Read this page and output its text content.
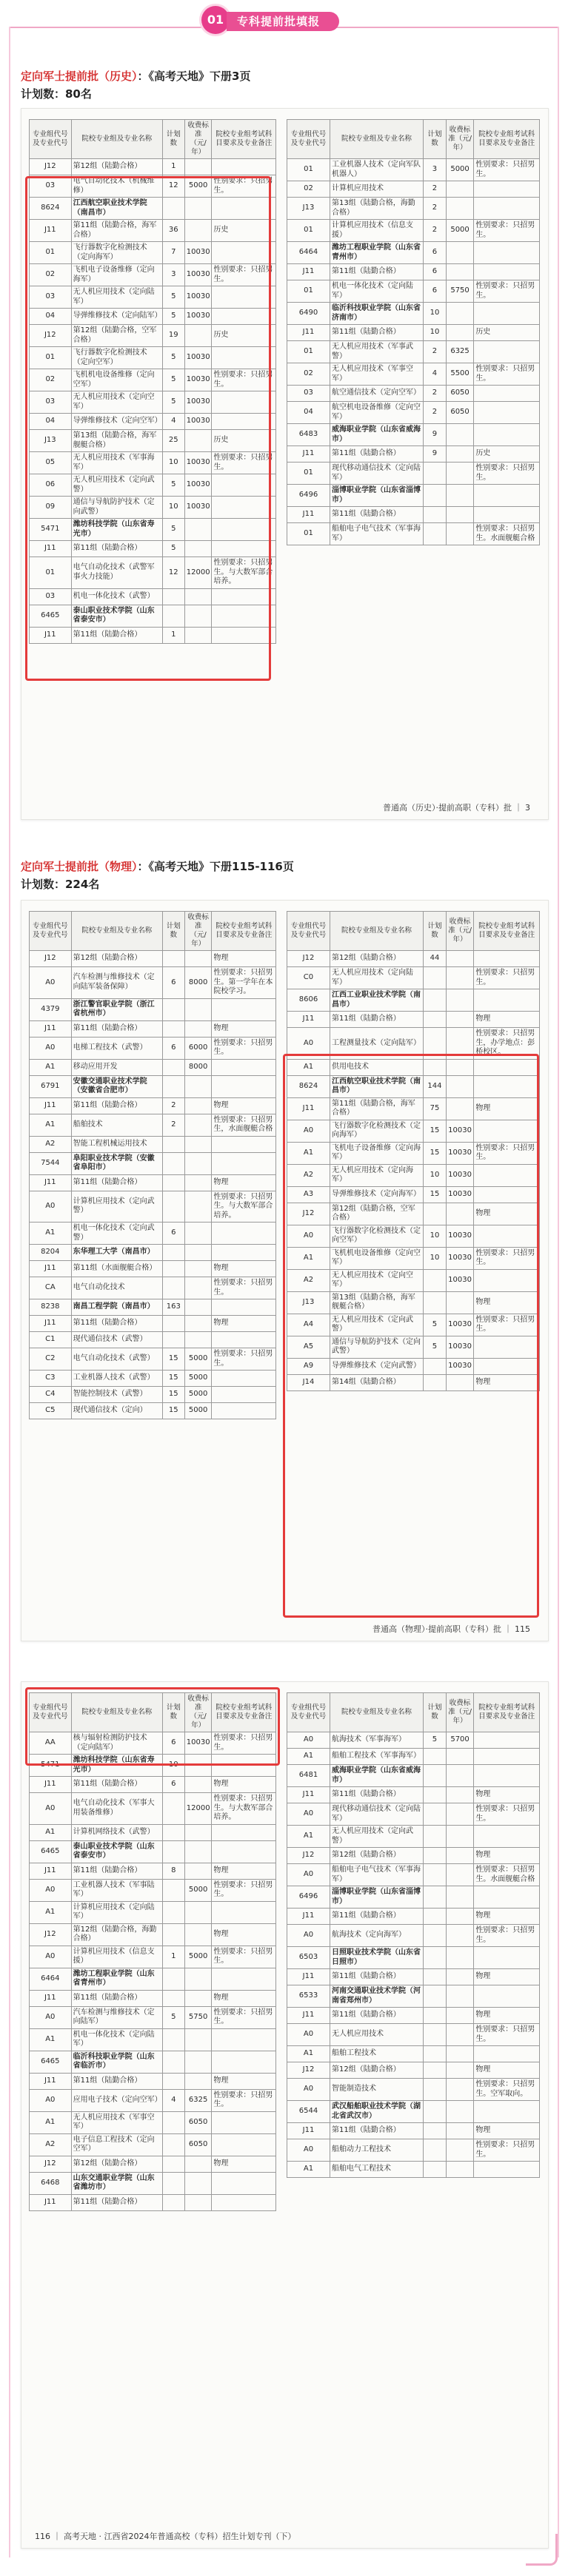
01	专科提前批填报
定向军士提前批（历史）：《高考天地》下册3页
计划数：80名
专业组代号及专业代号	院校专业组及专业名称	计划数	收费标准（元/年）	院校专业组考试科目要求及专业备注
J12	第12组（陆勤合格）	1		
03	电气自动化技术（机械维修）	12	5000	性别要求：只招男生。
8624	江西航空职业技术学院（南昌市）			
J11	第11组（陆勤合格，海军合格）	36		历史
01	飞行器数字化检测技术（定向海军）	7	10030	
02	飞机电子设备维修（定向海军）	3	10030	性别要求：只招男生。
03	无人机应用技术（定向陆军）	5	10030	
04	导弹维修技术（定向陆军）	5	10030	
J12	第12组（陆勤合格，空军合格）	19		历史
01	飞行器数字化检测技术（定向空军）	5	10030	
02	飞机机电设备维修（定向空军）	5	10030	性别要求：只招男生。
03	无人机应用技术（定向空军）	5	10030	
04	导弹维修技术（定向空军）	4	10030	
J13	第13组（陆勤合格，海军舰艇合格）	25		历史
05	无人机应用技术（军事海军）	10	10030	性别要求：只招男生。
06	无人机应用技术（定向武警）	5	10030	
09	通信与导航防护技术（定向武警）	10	10030	
5471	潍坊科技学院（山东省寿光市）	5		
J11	第11组（陆勤合格）	5		
01	电气自动化技术（武警军事火力技能）	12	12000	性别要求：只招男生。与大数军部合培养。
03	机电一体化技术（武警）			
6465	泰山职业技术学院（山东省泰安市）			
J11	第11组（陆勤合格）	1		
专业组代号及专业代号	院校专业组及专业名称	计划数	收费标准（元/年）	院校专业组考试科目要求及专业备注
01	工业机器人技术（定向军队机器人）	3	5000	性别要求：只招男生。
02	计算机应用技术	2		
J13	第13组（陆勤合格，海勤合格）	2		
01	计算机应用技术（信息支援）	2	5000	性别要求：只招男生。
6464	潍坊工程职业学院（山东省青州市）	6		
J11	第11组（陆勤合格）	6		
01	机电一体化技术（定向陆军）	6	5750	性别要求：只招男生。
6490	临沂科技职业学院（山东省济南市）	10		
J11	第11组（陆勤合格）	10		历史
01	无人机应用技术（军事武警）	2	6325	
02	无人机应用技术（军事空军）	4	5500	性别要求：只招男生。
03	航空通信技术（定向空军）	2	6050	
04	航空机电设备维修（定向空军）	2	6050	
6483	威海职业学院（山东省威海市）	9		
J11	第11组（陆勤合格）	9		历史
01	现代移动通信技术（定向陆军）			性别要求：只招男生。
6496	淄博职业学院（山东省淄博市）			
J11	第11组（陆勤合格）			
01	船舶电子电气技术（军事海军）			性别要求：只招男生。水面舰艇合格
普通高（历史）·提前高职（专科）批 ｜ 3
定向军士提前批（物理）：《高考天地》下册115-116页
计划数：224名
专业组代号及专业代号	院校专业组及专业名称	计划数	收费标准（元/年）	院校专业组考试科目要求及专业备注
J12	第12组（陆勤合格）			物理
A0	汽车检测与维修技术（定向陆军装备保障）	6	8000	性别要求：只招男生。第一学年在本院校学习。
4379	浙江警官职业学院（浙江省杭州市）			
J11	第11组（陆勤合格）			物理
A0	电梯工程技术（武警）	6	6000	性别要求：只招男生。
A1	移动应用开发		8000	
6791	安徽交通职业技术学院（安徽省合肥市）			
J11	第11组（陆勤合格）	2		物理
A1	船舶技术	2		性别要求：只招男生，水面舰艇合格
A2	智能工程机械运用技术			
7544	阜阳职业技术学院（安徽省阜阳市）			
J11	第11组（陆勤合格）			物理
A0	计算机应用技术（定向武警）			性别要求：只招男生。与大数军部合培养。
A1	机电一体化技术（定向武警）	6		
8204	东华理工大学（南昌市）			
J11	第11组（水面舰艇合格）			物理
CA	电气自动化技术			性别要求：只招男生。
8238	南昌工程学院（南昌市）	163		
J11	第11组（陆勤合格）			物理
C1	现代通信技术（武警）			
C2	电气自动化技术（武警）	15	5000	性别要求：只招男生。
C3	工业机器人技术（武警）	15	5000	
C4	智能控制技术（武警）	15	5000	
C5	现代通信技术（定向）	15	5000	
专业组代号及专业代号	院校专业组及专业名称	计划数	收费标准（元/年）	院校专业组考试科目要求及专业备注
J12	第12组（陆勤合格）	44		
C0	无人机应用技术（定向陆军）			性别要求：只招男生。
8606	江西工业职业技术学院（南昌市）			
J11	第11组（陆勤合格）			物理
A0	工程测量技术（定向陆军）			性别要求：只招男生，办学地点：彭桥校区。
A1	供用电技术			
8624	江西航空职业技术学院（南昌市）	144		
J11	第11组（陆勤合格，海军合格）	75		物理
A0	飞行器数字化检测技术（定向海军）	15	10030	
A1	飞机电子设备维修（定向海军）	15	10030	性别要求：只招男生。
A2	无人机应用技术（定向海军）	10	10030	
A3	导弹维修技术（定向海军）	15	10030	
J12	第12组（陆勤合格，空军合格）			物理
A0	飞行器数字化检测技术（定向空军）	10	10030	
A1	飞机机电设备维修（定向空军）	10	10030	性别要求：只招男生。
A2	无人机应用技术（定向空军）		10030	
J13	第13组（陆勤合格，海军舰艇合格）			物理
A4	无人机应用技术（定向武警）	5	10030	性别要求：只招男生。
A5	通信与导航防护技术（定向武警）	5	10030	
A9	导弹维修技术（定向武警）		10030	
J14	第14组（陆勤合格）			物理
普通高（物理）·提前高职（专科）批 ｜ 115
专业组代号及专业代号	院校专业组及专业名称	计划数	收费标准（元/年）	院校专业组考试科目要求及专业备注
AA	核与辐射检测防护技术（定向陆军）	6	10030	性别要求：只招男生。
5471	潍坊科技学院（山东省寿光市）	10		
J11	第11组（陆勤合格）	6		物理
A0	电气自动化技术（军事大用装备维修）		12000	性别要求：只招男生。与大数军部合培养。
A1	计算机网络技术（武警）			
6465	泰山职业技术学院（山东省泰安市）			
J11	第11组（陆勤合格）	8		物理
A0	工业机器人技术（军事陆军）		5000	性别要求：只招男生。
A1	计算机应用技术（定向陆军）			
J12	第12组（陆勤合格，海勤合格）			物理
A0	计算机应用技术（信息支援）	1	5000	性别要求：只招男生。
6464	潍坊工程职业学院（山东省青州市）			
J11	第11组（陆勤合格）			物理
A0	汽车检测与维修技术（定向陆军）	5	5750	性别要求：只招男生。
A1	机电一体化技术（定向陆军）			
6465	临沂科技职业学院（山东省临沂市）			
J11	第11组（陆勤合格）			物理
A0	应用电子技术（定向空军）	4	6325	性别要求：只招男生。
A1	无人机应用技术（军事空军）		6050	
A2	电子信息工程技术（定向空军）		6050	
J12	第12组（陆勤合格）			物理
6468	山东交通职业学院（山东省潍坊市）			
J11	第11组（陆勤合格）			
专业组代号及专业代号	院校专业组及专业名称	计划数	收费标准（元/年）	院校专业组考试科目要求及专业备注
A0	航海技术（军事海军）	5	5700	
A1	船舶工程技术（军事海军）			
6481	威海职业学院（山东省威海市）			
J11	第11组（陆勤合格）			物理
A0	现代移动通信技术（定向陆军）			性别要求：只招男生。
A1	无人机应用技术（定向武警）			
J12	第12组（陆勤合格）			物理
A0	船舶电子电气技术（军事海军）			性别要求：只招男生。水面舰艇合格
6496	淄博职业学院（山东省淄博市）			
J11	第11组（陆勤合格）			物理
A0	航海技术（定向海军）			性别要求：只招男生。
6503	日照职业技术学院（山东省日照市）			
J11	第11组（陆勤合格）			物理
6533	河南交通职业技术学院（河南省郑州市）			
J11	第11组（陆勤合格）			物理
A0	无人机应用技术			性别要求：只招男生。
A1	船舶工程技术			
J12	第12组（陆勤合格）			物理
A0	智能制造技术			性别要求：只招男生。空军取向。
6544	武汉船舶职业技术学院（湖北省武汉市）			
J11	第11组（陆勤合格）			物理
A0	船舶动力工程技术			性别要求：只招男生。
A1	船舶电气工程技术			
116 ｜ 高考天地 · 江西省2024年普通高校（专科）招生计划专刊（下）
